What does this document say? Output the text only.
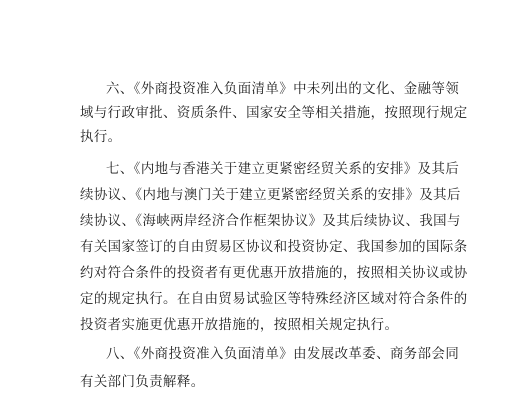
六、《外商投资准入负面清单》中未列出的文化、金融等领

域与行政审批、资质条件、国家安全等相关措施，按照现行规定

执行。

七、《内地与香港关于建立更紧密经贸关系的安排》及其后

续协议、《内地与澳门关于建立更紧密经贸关系的安排》及其后

续协议、《海峡两岸经济合作框架协议》及其后续协议、我国与

有关国家签订的自由贸易区协议和投资协定、我国参加的国际条

约对符合条件的投资者有更优惠开放措施的，按照相关协议或协

定的规定执行。在自由贸易试验区等特殊经济区域对符合条件的

投资者实施更优惠开放措施的，按照相关规定执行。

八、《外商投资准入负面清单》由发展改革委、商务部会同

有关部门负责解释。
